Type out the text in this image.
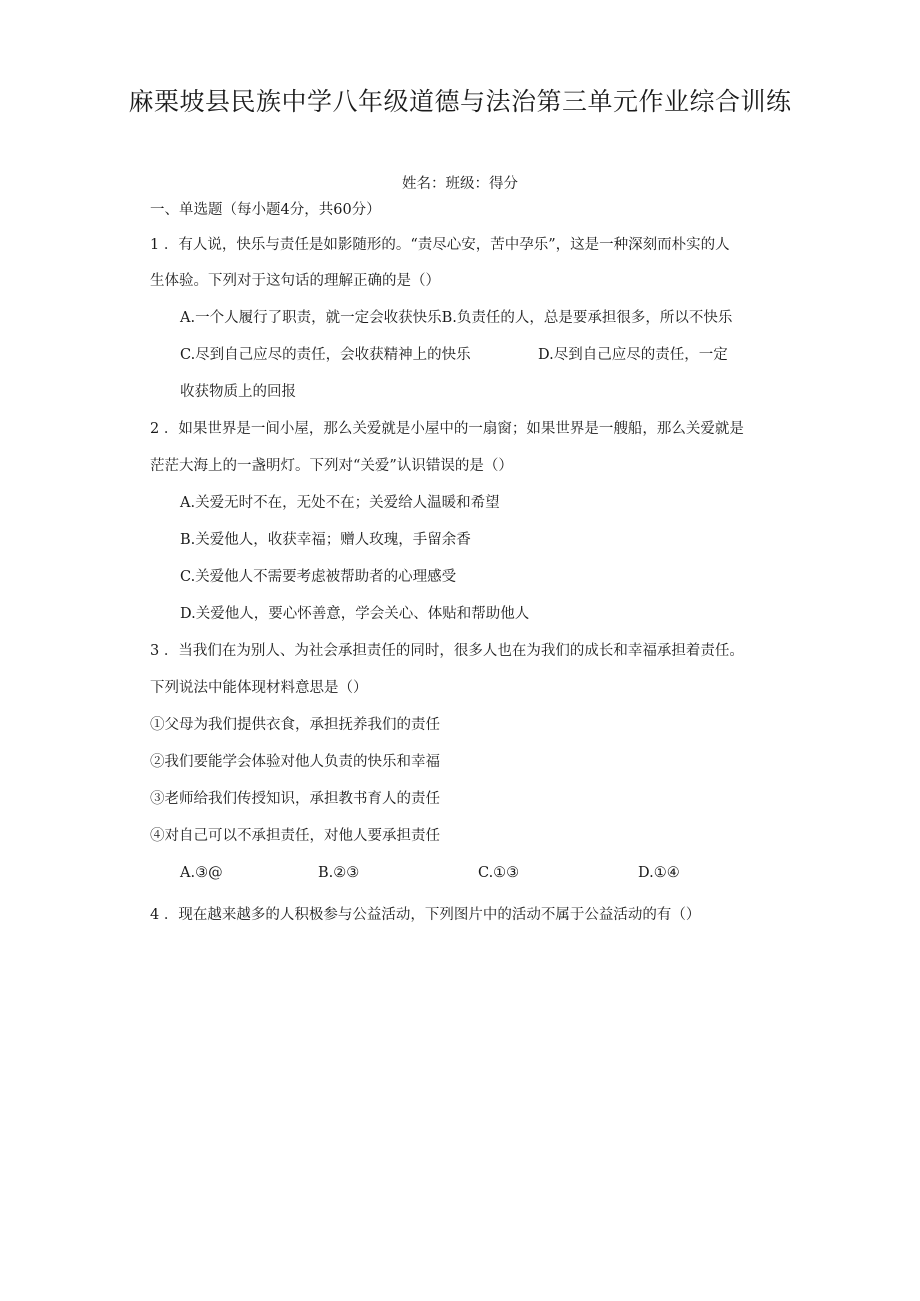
麻栗坡县民族中学八年级道德与法治第三单元作业综合训练
姓名：班级：得分
一、单选题（每小题4分，共60分）
1 ．有人说，快乐与责任是如影随形的。“责尽心安，苦中孕乐”，这是一种深刻而朴实的人
生体验。下列对于这句话的理解正确的是（）
A.一个人履行了职责，就一定会收获快乐B.负责任的人，总是要承担很多，所以不快乐
C.尽到自己应尽的责任，会收获精神上的快乐	D.尽到自己应尽的责任，一定
收获物质上的回报
2 ．如果世界是一间小屋，那么关爱就是小屋中的一扇窗；如果世界是一艘船，那么关爱就是
茫茫大海上的一盏明灯。下列对“关爱”认识错误的是（）
A.关爱无时不在，无处不在；关爱给人温暖和希望
B.关爱他人，收获幸福；赠人玫瑰，手留余香
C.关爱他人不需要考虑被帮助者的心理感受
D.关爱他人，要心怀善意，学会关心、体贴和帮助他人
3 ．当我们在为别人、为社会承担责任的同时，很多人也在为我们的成长和幸福承担着责任。
下列说法中能体现材料意思是（）
①父母为我们提供衣食，承担抚养我们的责任
②我们要能学会体验对他人负责的快乐和幸福
③老师给我们传授知识，承担教书育人的责任
④对自己可以不承担责任，对他人要承担责任
A.③@	B.②③	C.①③	D.①④
4 ．现在越来越多的人积极参与公益活动，下列图片中的活动不属于公益活动的有（）
